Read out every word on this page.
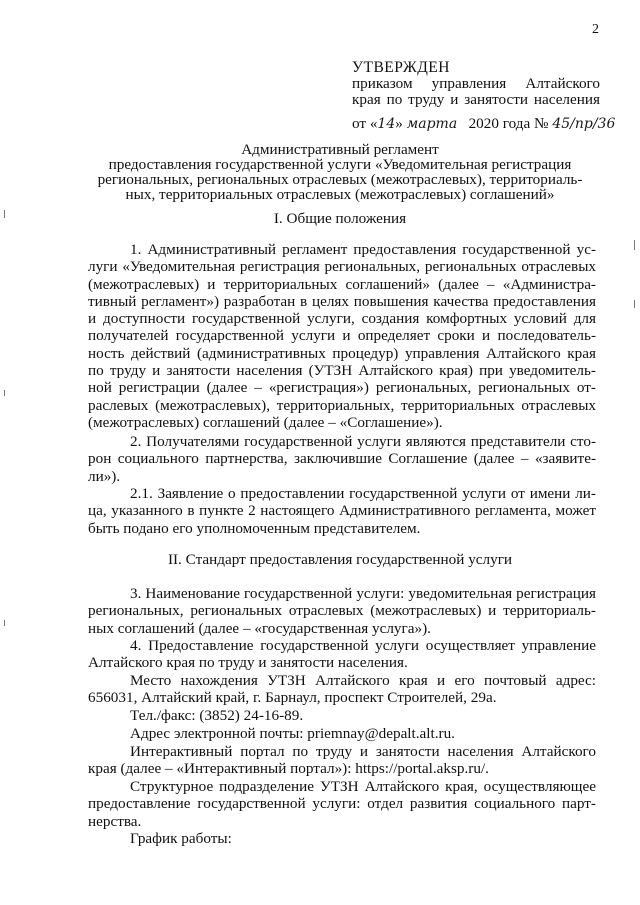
2
УТВЕРЖДЕН
приказом управления Алтайского
края по труду и занятости населения
от «14» марта 2020 года № 45/пр/36
Административный регламент
предоставления государственной услуги «Уведомительная регистрация
региональных, региональных отраслевых (межотраслевых), территориаль-
ных, территориальных отраслевых (межотраслевых) соглашений»
I. Общие положения
1. Административный регламент предоставления государственной ус-
луги «Уведомительная регистрация региональных, региональных отраслевых
(межотраслевых) и территориальных соглашений» (далее – «Администра-
тивный регламент») разработан в целях повышения качества предоставления
и доступности государственной услуги, создания комфортных условий для
получателей государственной услуги и определяет сроки и последователь-
ность действий (административных процедур) управления Алтайского края
по труду и занятости населения (УТЗН Алтайского края) при уведомитель-
ной регистрации (далее – «регистрация») региональных, региональных от-
раслевых (межотраслевых), территориальных, территориальных отраслевых
(межотраслевых) соглашений (далее – «Соглашение»).
2. Получателями государственной услуги являются представители сто-
рон социального партнерства, заключившие Соглашение (далее – «заявите-
ли»).
2.1. Заявление о предоставлении государственной услуги от имени ли-
ца, указанного в пункте 2 настоящего Административного регламента, может
быть подано его уполномоченным представителем.
II. Стандарт предоставления государственной услуги
3. Наименование государственной услуги: уведомительная регистрация
региональных, региональных отраслевых (межотраслевых) и территориаль-
ных соглашений (далее – «государственная услуга»).
4. Предоставление государственной услуги осуществляет управление
Алтайского края по труду и занятости населения.
Место нахождения УТЗН Алтайского края и его почтовый адрес:
656031, Алтайский край, г. Барнаул, проспект Строителей, 29а.
Тел./факс: (3852) 24-16-89.
Адрес электронной почты: priemnay@depalt.alt.ru.
Интерактивный портал по труду и занятости населения Алтайского
края (далее – «Интерактивный портал»): https://portal.aksp.ru/.
Структурное подразделение УТЗН Алтайского края, осуществляющее
предоставление государственной услуги: отдел развития социального парт-
нерства.
График работы:
